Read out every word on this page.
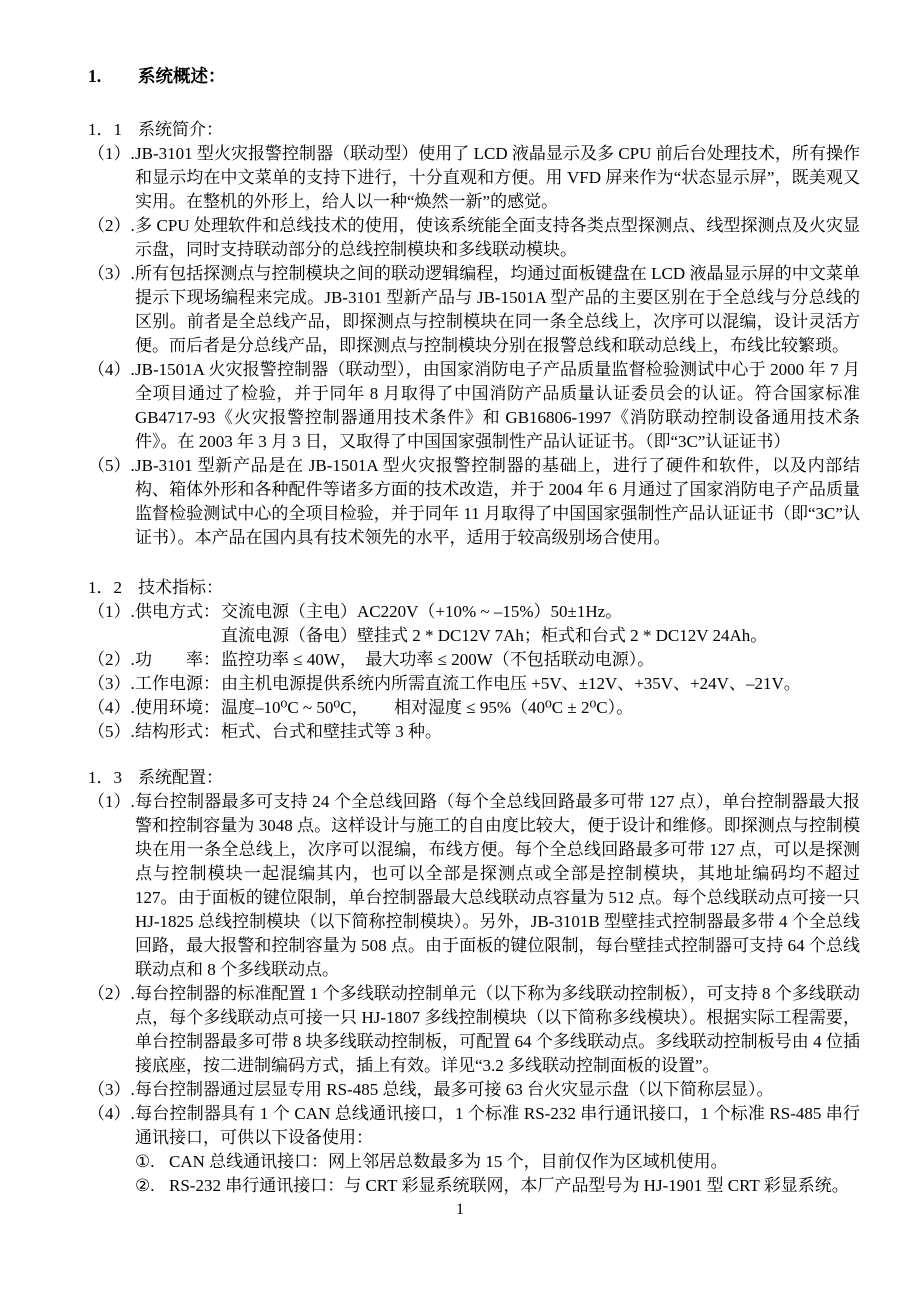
1.	系统概述：
1．1 系统简介：
（1）.JB-3101 型火灾报警控制器（联动型）使用了 LCD 液晶显示及多 CPU 前后台处理技术，所有操作和显示均在中文菜单的支持下进行，十分直观和方便。用 VFD 屏来作为“状态显示屏”，既美观又实用。在整机的外形上，给人以一种“焕然一新”的感觉。
（2）.多 CPU 处理软件和总线技术的使用，使该系统能全面支持各类点型探测点、线型探测点及火灾显示盘，同时支持联动部分的总线控制模块和多线联动模块。
（3）.所有包括探测点与控制模块之间的联动逻辑编程，均通过面板键盘在 LCD 液晶显示屏的中文菜单提示下现场编程来完成。JB-3101 型新产品与 JB-1501A 型产品的主要区别在于全总线与分总线的区别。前者是全总线产品，即探测点与控制模块在同一条全总线上，次序可以混编，设计灵活方便。而后者是分总线产品，即探测点与控制模块分别在报警总线和联动总线上，布线比较繁琐。
（4）.JB-1501A 火灾报警控制器（联动型），由国家消防电子产品质量监督检验测试中心于 2000 年 7 月全项目通过了检验，并于同年 8 月取得了中国消防产品质量认证委员会的认证。符合国家标准 GB4717-93《火灾报警控制器通用技术条件》和 GB16806-1997《消防联动控制设备通用技术条件》。在 2003 年 3 月 3 日，又取得了中国国家强制性产品认证证书。（即“3C”认证证书）
（5）.JB-3101 型新产品是在 JB-1501A 型火灾报警控制器的基础上，进行了硬件和软件，以及内部结构、箱体外形和各种配件等诸多方面的技术改造，并于 2004 年 6 月通过了国家消防电子产品质量监督检验测试中心的全项目检验，并于同年 11 月取得了中国国家强制性产品认证证书（即“3C”认证书）。本产品在国内具有技术领先的水平，适用于较高级别场合使用。
1．2 技术指标：
（1）. 供电方式： 交流电源（主电）AC220V（+10% ~ –15%）50±1Hz。
直流电源（备电）壁挂式 2 * DC12V 7Ah；柜式和台式 2 * DC12V 24Ah。
（2）. 功　　率： 监控功率 ≤ 40W，　最大功率 ≤ 200W（不包括联动电源）。
（3）. 工作电源： 由主机电源提供系统内所需直流工作电压 +5V、±12V、+35V、+24V、–21V。
（4）. 使用环境： 温度–10⁰C ~ 50⁰C，　　相对湿度 ≤ 95%（40⁰C ± 2⁰C）。
（5）. 结构形式： 柜式、台式和壁挂式等 3 种。
1．3 系统配置：
（1）.每台控制器最多可支持 24 个全总线回路（每个全总线回路最多可带 127 点），单台控制器最大报警和控制容量为 3048 点。这样设计与施工的自由度比较大，便于设计和维修。即探测点与控制模块在用一条全总线上，次序可以混编，布线方便。每个全总线回路最多可带 127 点，可以是探测点与控制模块一起混编其内，也可以全部是探测点或全部是控制模块，其地址编码均不超过 127。由于面板的键位限制，单台控制器最大总线联动点容量为 512 点。每个总线联动点可接一只 HJ-1825 总线控制模块（以下简称控制模块）。另外，JB-3101B 型壁挂式控制器最多带 4 个全总线回路，最大报警和控制容量为 508 点。由于面板的键位限制，每台壁挂式控制器可支持 64 个总线联动点和 8 个多线联动点。
（2）.每台控制器的标准配置 1 个多线联动控制单元（以下称为多线联动控制板），可支持 8 个多线联动点，每个多线联动点可接一只 HJ-1807 多线控制模块（以下简称多线模块）。根据实际工程需要，单台控制器最多可带 8 块多线联动控制板，可配置 64 个多线联动点。多线联动控制板号由 4 位插接底座，按二进制编码方式，插上有效。详见“3.2 多线联动控制面板的设置”。
（3）.每台控制器通过层显专用 RS-485 总线，最多可接 63 台火灾显示盘（以下简称层显）。
（4）.每台控制器具有 1 个 CAN 总线通讯接口，1 个标准 RS-232 串行通讯接口，1 个标准 RS-485 串行通讯接口，可供以下设备使用：
①. CAN 总线通讯接口：网上邻居总数最多为 15 个，目前仅作为区域机使用。
②. RS-232 串行通讯接口：与 CRT 彩显系统联网，本厂产品型号为 HJ-1901 型 CRT 彩显系统。
1
